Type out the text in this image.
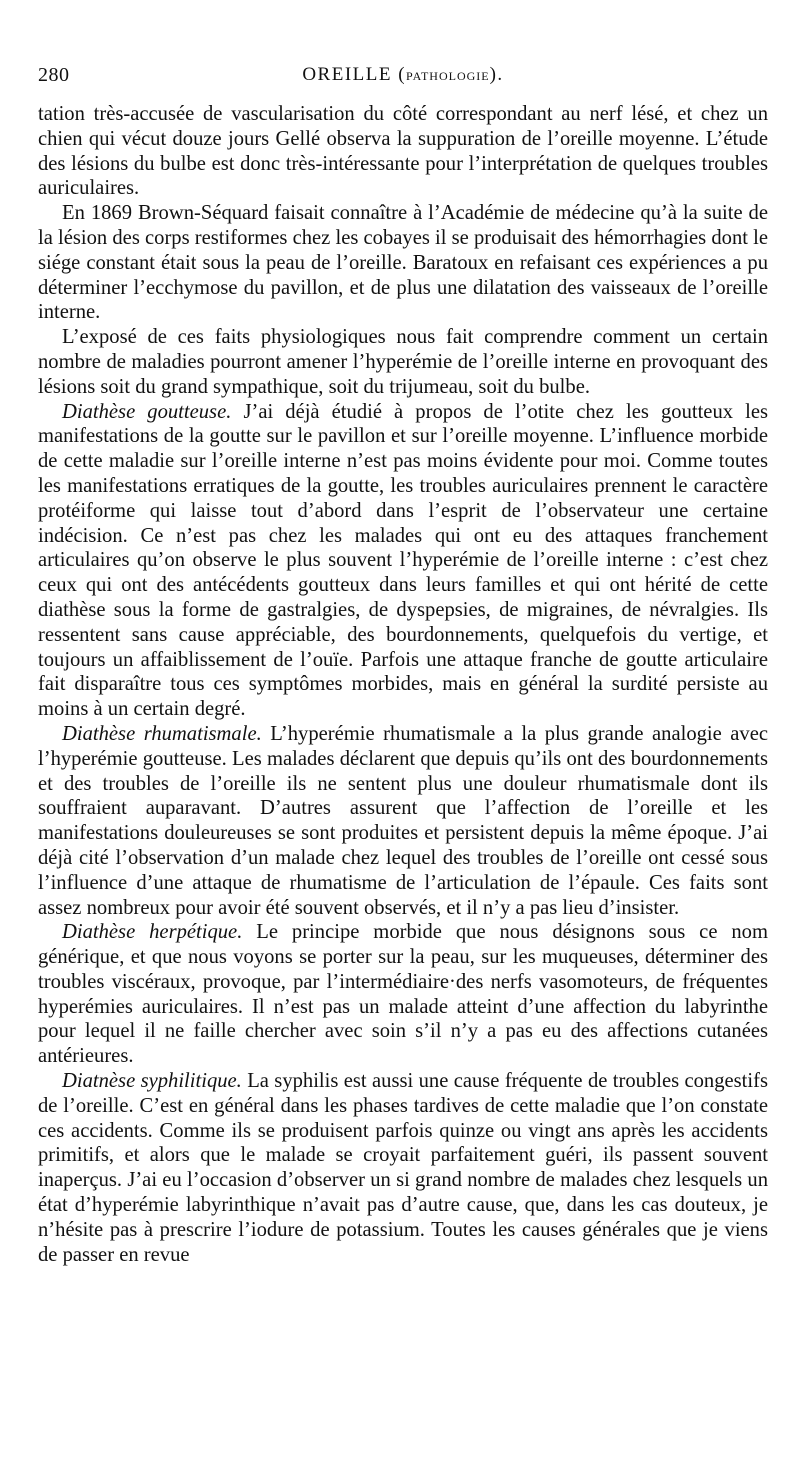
280	OREILLE (PATHOLOGIE).

tation très-accusée de vascularisation du côté correspondant au nerf lésé, et chez un chien qui vécut douze jours Gellé observa la suppuration de l’oreille moyenne. L’étude des lésions du bulbe est donc très-intéressante pour l’interprétation de quelques troubles auriculaires.

En 1869 Brown-Séquard faisait connaître à l’Académie de médecine qu’à la suite de la lésion des corps restiformes chez les cobayes il se produisait des hémorrhagies dont le siége constant était sous la peau de l’oreille. Baratoux en refaisant ces expériences a pu déterminer l’ecchymose du pavillon, et de plus une dilatation des vaisseaux de l’oreille interne.

L’exposé de ces faits physiologiques nous fait comprendre comment un certain nombre de maladies pourront amener l’hyperémie de l’oreille interne en provoquant des lésions soit du grand sympathique, soit du trijumeau, soit du bulbe.

Diathèse goutteuse. J’ai déjà étudié à propos de l’otite chez les goutteux les manifestations de la goutte sur le pavillon et sur l’oreille moyenne. L’influence morbide de cette maladie sur l’oreille interne n’est pas moins évidente pour moi. Comme toutes les manifestations erratiques de la goutte, les troubles auriculaires prennent le caractère protéiforme qui laisse tout d’abord dans l’esprit de l’observateur une certaine indécision. Ce n’est pas chez les malades qui ont eu des attaques franchement articulaires qu’on observe le plus souvent l’hyperémie de l’oreille interne : c’est chez ceux qui ont des antécédents goutteux dans leurs familles et qui ont hérité de cette diathèse sous la forme de gastralgies, de dyspepsies, de migraines, de névralgies. Ils ressentent sans cause appréciable, des bourdonnements, quelquefois du vertige, et toujours un affaiblissement de l’ouïe. Parfois une attaque franche de goutte articulaire fait disparaître tous ces symptômes morbides, mais en général la surdité persiste au moins à un certain degré.

Diathèse rhumatismale. L’hyperémie rhumatismale a la plus grande analogie avec l’hyperémie goutteuse. Les malades déclarent que depuis qu’ils ont des bourdonnements et des troubles de l’oreille ils ne sentent plus une douleur rhumatismale dont ils souffraient auparavant. D’autres assurent que l’affection de l’oreille et les manifestations douleureuses se sont produites et persistent depuis la même époque. J’ai déjà cité l’observation d’un malade chez lequel des troubles de l’oreille ont cessé sous l’influence d’une attaque de rhumatisme de l’articulation de l’épaule. Ces faits sont assez nombreux pour avoir été souvent observés, et il n’y a pas lieu d’insister.

Diathèse herpétique. Le principe morbide que nous désignons sous ce nom générique, et que nous voyons se porter sur la peau, sur les muqueuses, déterminer des troubles viscéraux, provoque, par l’intermédiaire·des nerfs vasomoteurs, de fréquentes hyperémies auriculaires. Il n’est pas un malade atteint d’une affection du labyrinthe pour lequel il ne faille chercher avec soin s’il n’y a pas eu des affections cutanées antérieures.

Diatnèse syphilitique. La syphilis est aussi une cause fréquente de troubles congestifs de l’oreille. C’est en général dans les phases tardives de cette maladie que l’on constate ces accidents. Comme ils se produisent parfois quinze ou vingt ans après les accidents primitifs, et alors que le malade se croyait parfaitement guéri, ils passent souvent inaperçus. J’ai eu l’occasion d’observer un si grand nombre de malades chez lesquels un état d’hyperémie labyrinthique n’avait pas d’autre cause, que, dans les cas douteux, je n’hésite pas à prescrire l’iodure de potassium. Toutes les causes générales que je viens de passer en revue
